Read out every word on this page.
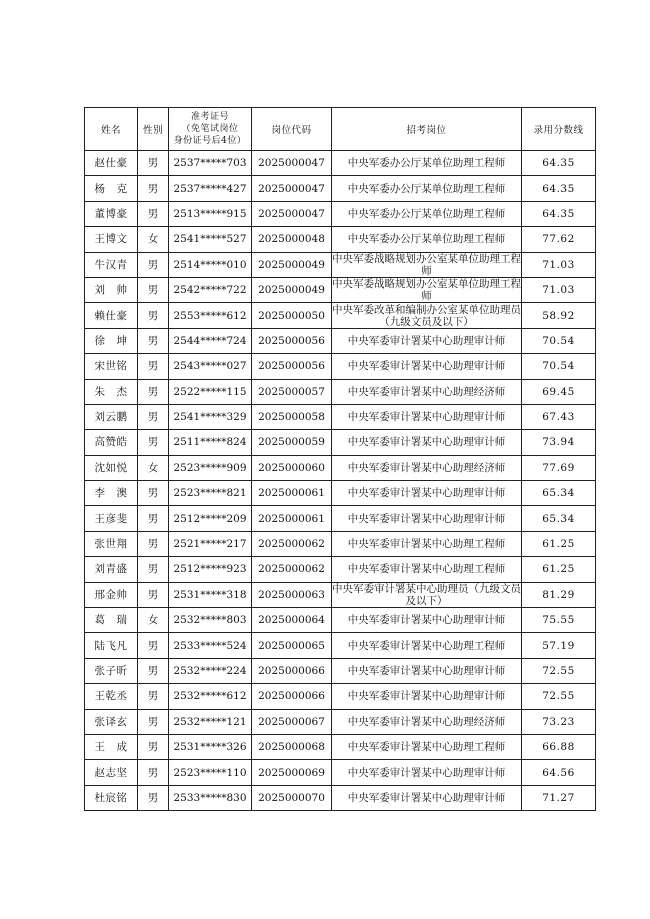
姓名	性别	准考证号
（免笔试岗位
身份证号后4位）	岗位代码	招考岗位	录用分数线
赵仕豪	男	2537*****703	2025000047	中央军委办公厅某单位助理工程师	64.35
杨　克	男	2537*****427	2025000047	中央军委办公厅某单位助理工程师	64.35
董博豪	男	2513*****915	2025000047	中央军委办公厅某单位助理工程师	64.35
王博文	女	2541*****527	2025000048	中央军委办公厅某单位助理工程师	77.62
牛汉青	男	2514*****010	2025000049	中央军委战略规划办公室某单位助理工程师	71.03
刘　帅	男	2542*****722	2025000049	中央军委战略规划办公室某单位助理工程师	71.03
赖仕豪	男	2553*****612	2025000050	中央军委改革和编制办公室某单位助理员（九级文员及以下）	58.92
徐　坤	男	2544*****724	2025000056	中央军委审计署某中心助理审计师	70.54
宋世铭	男	2543*****027	2025000056	中央军委审计署某中心助理审计师	70.54
朱　杰	男	2522*****115	2025000057	中央军委审计署某中心助理经济师	69.45
刘云鹏	男	2541*****329	2025000058	中央军委审计署某中心助理审计师	67.43
高赞皓	男	2511*****824	2025000059	中央军委审计署某中心助理审计师	73.94
沈如悦	女	2523*****909	2025000060	中央军委审计署某中心助理经济师	77.69
李　澳	男	2523*****821	2025000061	中央军委审计署某中心助理审计师	65.34
王彦斐	男	2512*****209	2025000061	中央军委审计署某中心助理审计师	65.34
张世翔	男	2521*****217	2025000062	中央军委审计署某中心助理工程师	61.25
刘青盛	男	2512*****923	2025000062	中央军委审计署某中心助理工程师	61.25
邢金帅	男	2531*****318	2025000063	中央军委审计署某中心助理员（九级文员及以下）	81.29
葛　瑞	女	2532*****803	2025000064	中央军委审计署某中心助理审计师	75.55
陆飞凡	男	2533*****524	2025000065	中央军委审计署某中心助理工程师	57.19
张子昕	男	2532*****224	2025000066	中央军委审计署某中心助理审计师	72.55
王乾丞	男	2532*****612	2025000066	中央军委审计署某中心助理审计师	72.55
张译玄	男	2532*****121	2025000067	中央军委审计署某中心助理经济师	73.23
王　成	男	2531*****326	2025000068	中央军委审计署某中心助理工程师	66.88
赵志坚	男	2523*****110	2025000069	中央军委审计署某中心助理审计师	64.56
杜宸铭	男	2533*****830	2025000070	中央军委审计署某中心助理审计师	71.27
